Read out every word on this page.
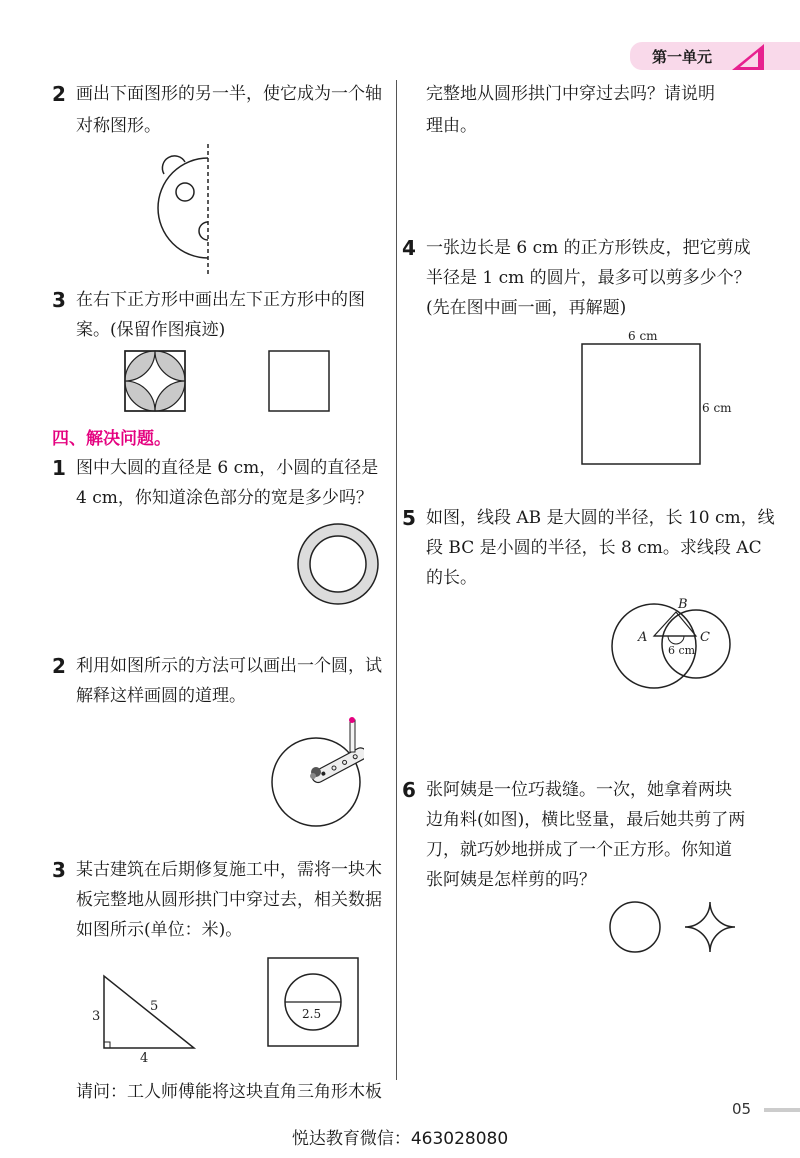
第一单元
2 画出下面图形的另一半，使它成为一个轴
对称图形。
3 在右下正方形中画出左下正方形中的图
案。(保留作图痕迹)
四、解决问题。
1 图中大圆的直径是 6 cm，小圆的直径是
4 cm，你知道涂色部分的宽是多少吗？
2 利用如图所示的方法可以画出一个圆，试
解释这样画圆的道理。
3 某古建筑在后期修复施工中，需将一块木
板完整地从圆形拱门中穿过去，相关数据
如图所示(单位：米)。
3
5
4
2.5
请问：工人师傅能将这块直角三角形木板
完整地从圆形拱门中穿过去吗？请说明
理由。
4 一张边长是 6 cm 的正方形铁皮，把它剪成
半径是 1 cm 的圆片，最多可以剪多少个？
(先在图中画一画，再解题)
6 cm
6 cm
5 如图，线段 AB 是大圆的半径，长 10 cm，线
段 BC 是小圆的半径，长 8 cm。求线段 AC
的长。
A
B
C
6 cm
6 张阿姨是一位巧裁缝。一次，她拿着两块
边角料(如图)，横比竖量，最后她共剪了两
刀，就巧妙地拼成了一个正方形。你知道
张阿姨是怎样剪的吗？
05
悦达教育微信：463028080
